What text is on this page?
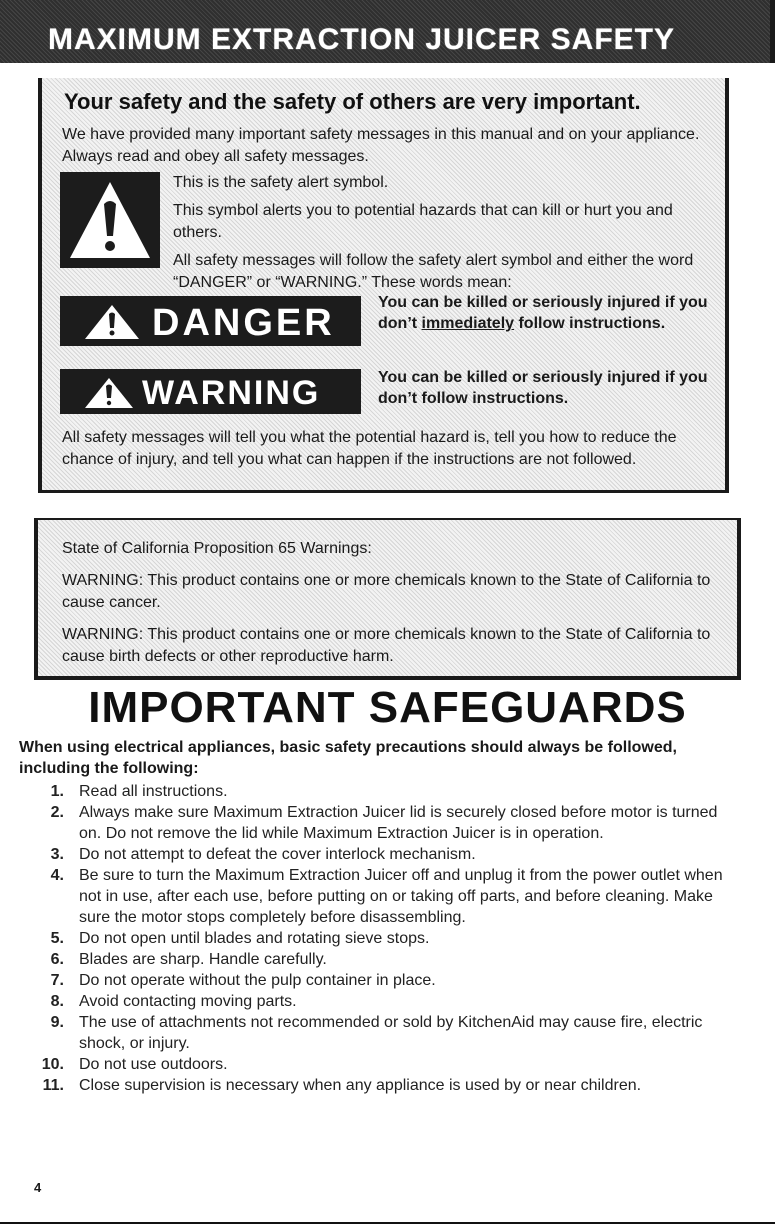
MAXIMUM EXTRACTION JUICER SAFETY
Your safety and the safety of others are very important.
We have provided many important safety messages in this manual and on your appliance. Always read and obey all safety messages.

This is the safety alert symbol.

This symbol alerts you to potential hazards that can kill or hurt you and others.

All safety messages will follow the safety alert symbol and either the word “DANGER” or “WARNING.” These words mean:

DANGER	You can be killed or seriously injured if you don’t immediately follow instructions.
WARNING	You can be killed or seriously injured if you don’t follow instructions.
All safety messages will tell you what the potential hazard is, tell you how to reduce the chance of injury, and tell you what can happen if the instructions are not followed.

State of California Proposition 65 Warnings:

WARNING: This product contains one or more chemicals known to the State of California to cause cancer.

WARNING: This product contains one or more chemicals known to the State of California to cause birth defects or other reproductive harm.

IMPORTANT SAFEGUARDS
When using electrical appliances, basic safety precautions should always be followed, including the following:
1. Read all instructions.
2. Always make sure Maximum Extraction Juicer lid is securely closed before motor is turned on. Do not remove the lid while Maximum Extraction Juicer is in operation.
3. Do not attempt to defeat the cover interlock mechanism.
4. Be sure to turn the Maximum Extraction Juicer off and unplug it from the power outlet when not in use, after each use, before putting on or taking off parts, and before cleaning. Make sure the motor stops completely before disassembling.
5. Do not open until blades and rotating sieve stops.
6. Blades are sharp. Handle carefully.
7. Do not operate without the pulp container in place.
8. Avoid contacting moving parts.
9. The use of attachments not recommended or sold by KitchenAid may cause fire, electric shock, or injury.
10. Do not use outdoors.
11. Close supervision is necessary when any appliance is used by or near children.
4
